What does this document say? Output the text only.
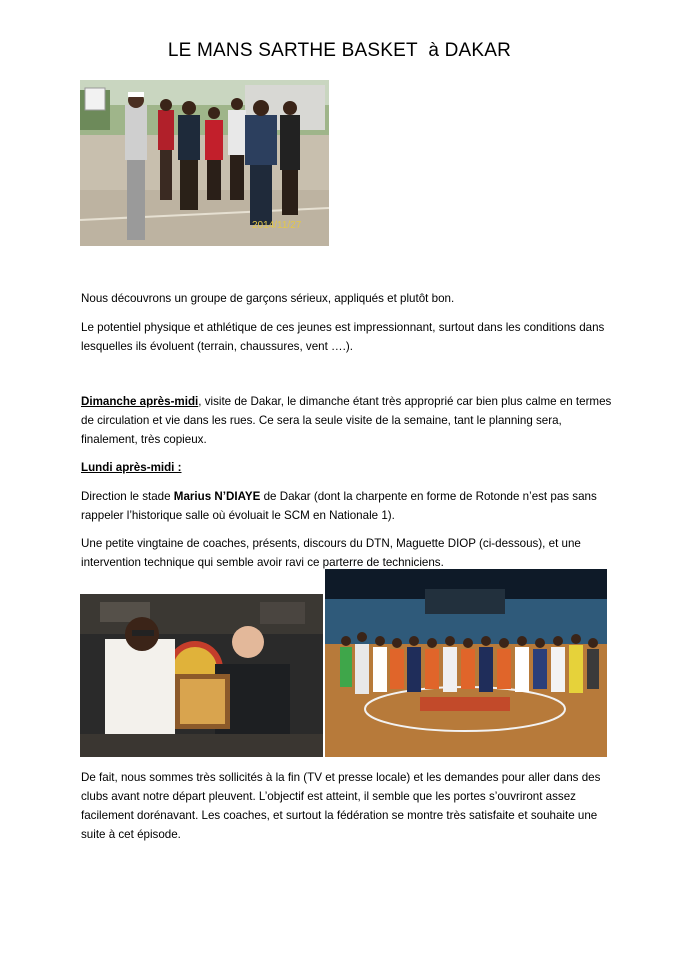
LE MANS SARTHE BASKET  à DAKAR
2014/11/27
Nous découvrons un groupe de garçons sérieux, appliqués et plutôt bon.
Le potentiel physique et athlétique de ces jeunes est impressionnant, surtout dans les conditions dans lesquelles ils évoluent (terrain, chaussures, vent ….).
Dimanche après-midi, visite de Dakar, le dimanche étant très approprié car bien plus calme en termes de circulation et vie dans les rues. Ce sera la seule visite de la semaine, tant le planning sera, finalement, très copieux.
Lundi après-midi :
Direction le stade Marius N’DIAYE de Dakar (dont la charpente en forme de Rotonde n’est pas sans rappeler l’historique salle où évoluait le SCM en Nationale 1).
Une petite vingtaine de coaches, présents, discours du DTN, Maguette DIOP (ci-dessous), et une intervention technique qui semble avoir ravi ce parterre de techniciens.
De fait, nous sommes très sollicités à la fin (TV et presse locale) et les demandes pour aller dans des clubs avant notre départ pleuvent. L’objectif est atteint, il semble que les portes s’ouvriront assez facilement dorénavant. Les coaches, et surtout la fédération se montre très satisfaite et souhaite une suite à cet épisode.
